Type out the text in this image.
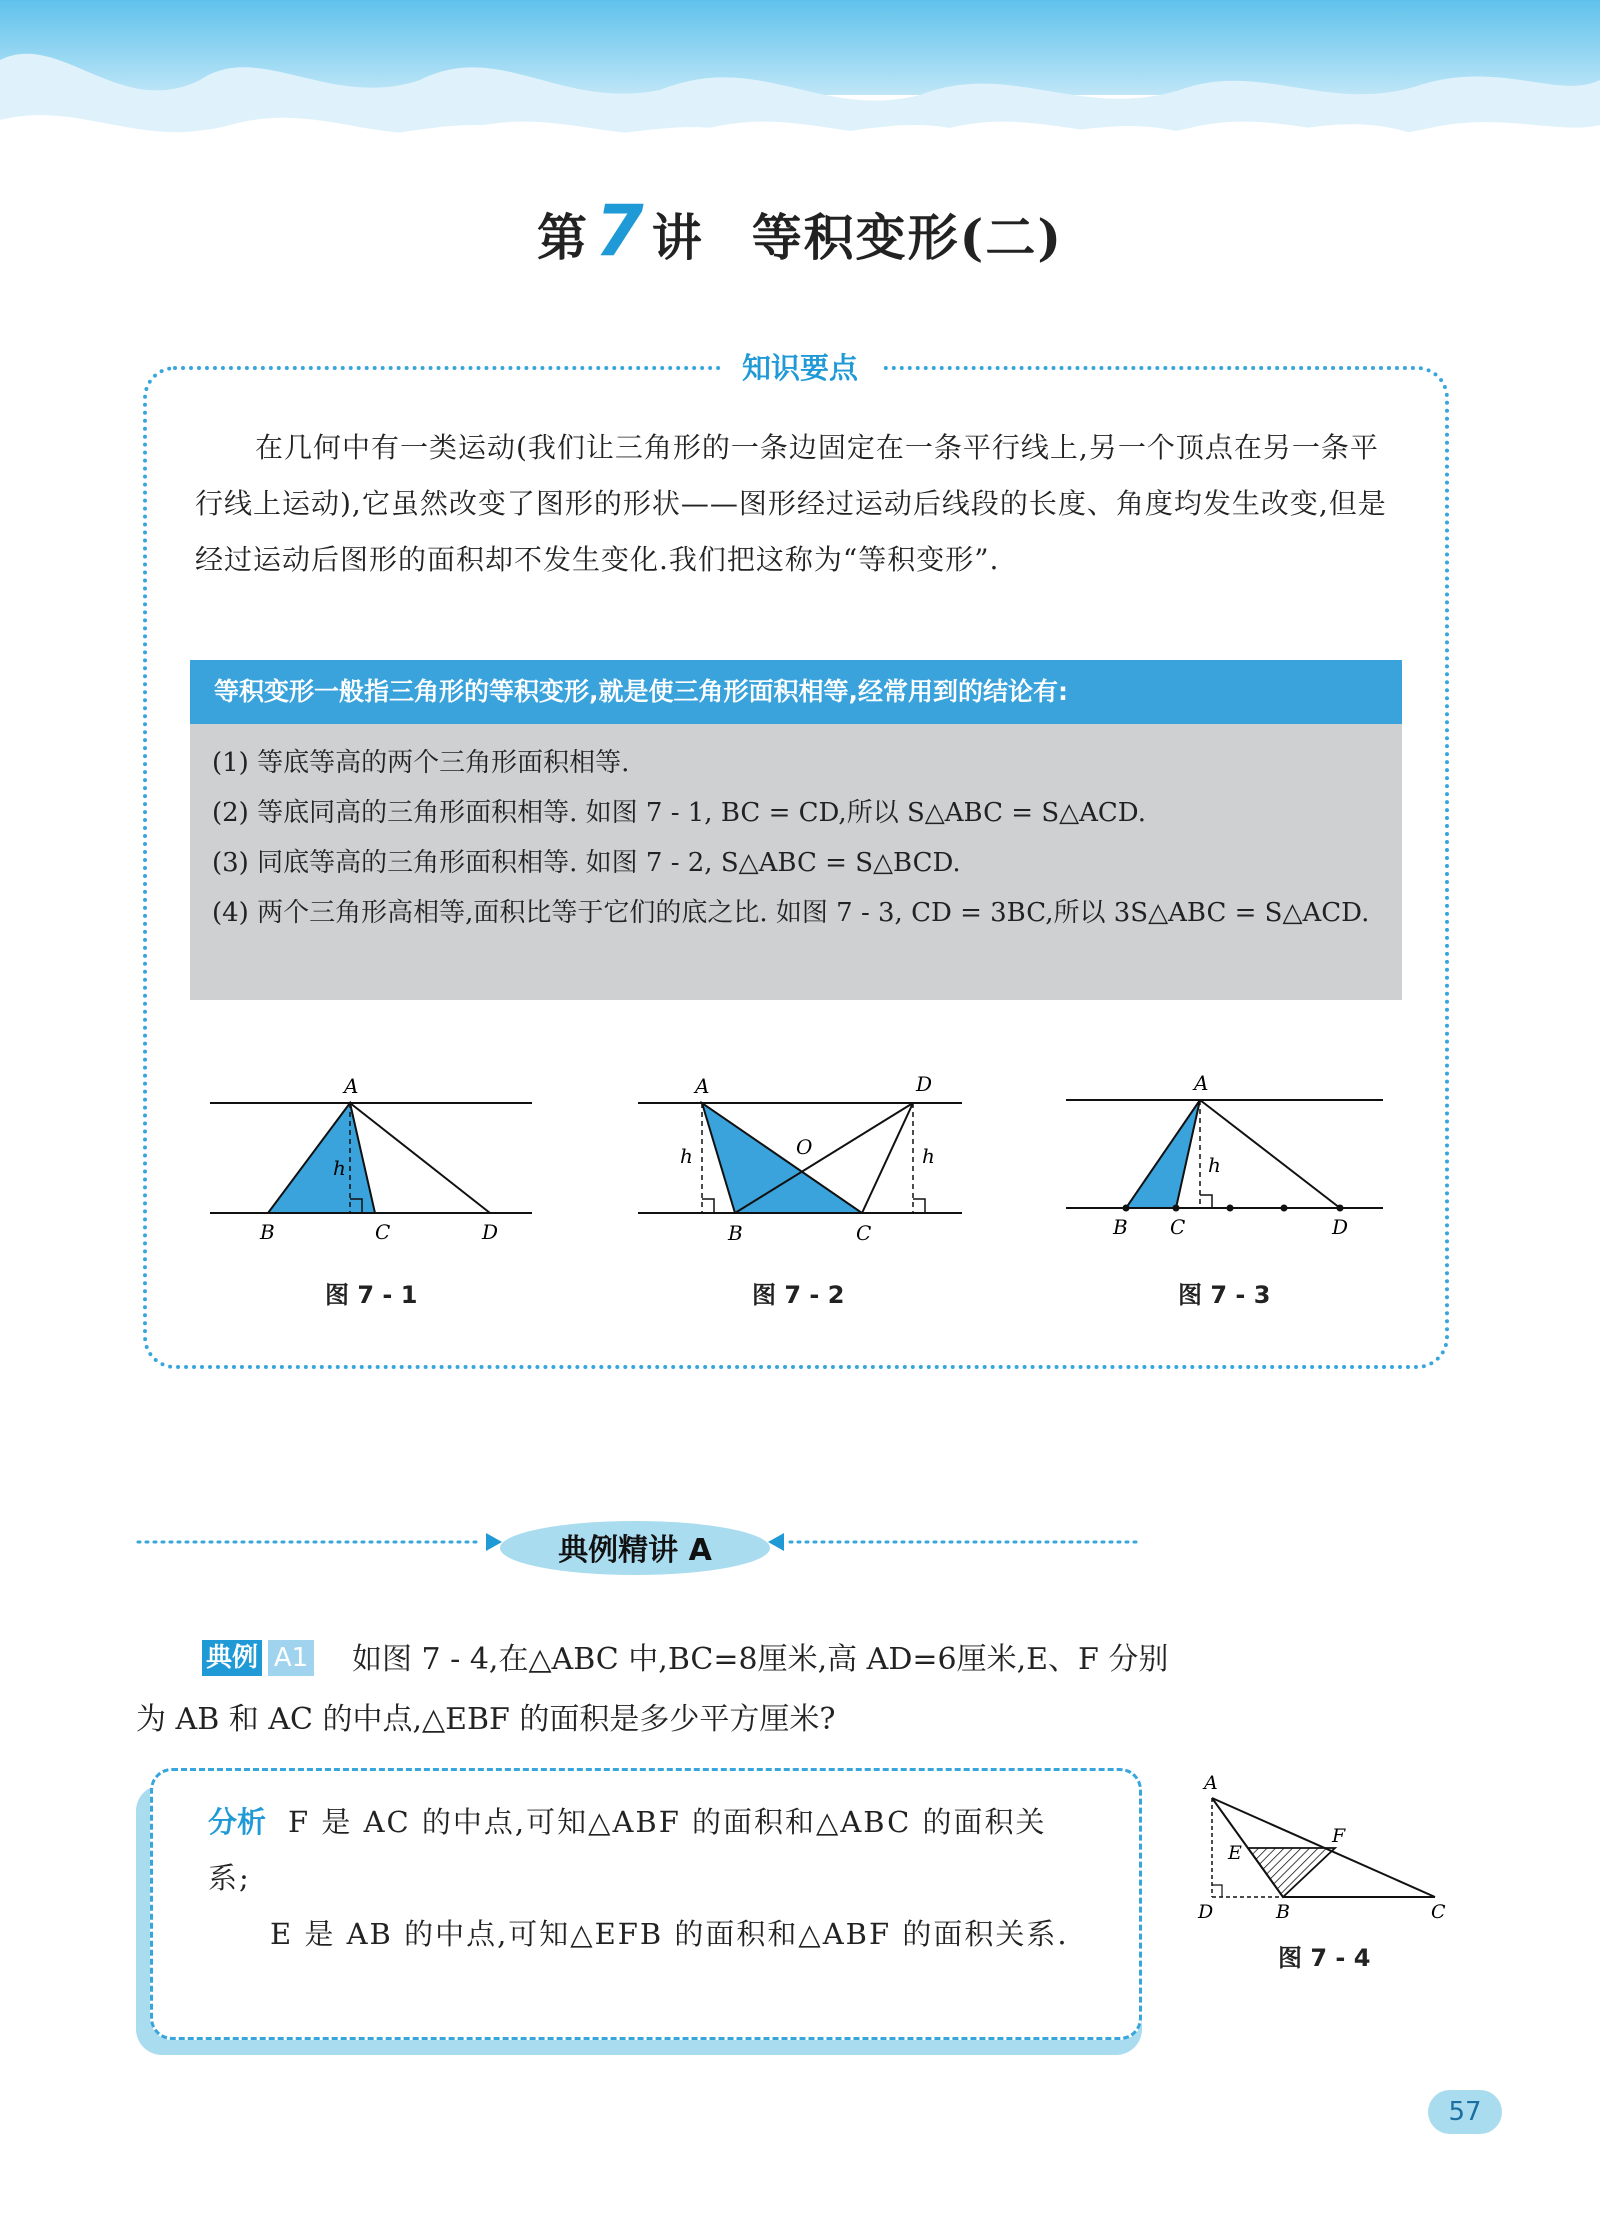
第7 讲 等积变形(二)
知识要点
在几何中有一类运动(我们让三角形的一条边固定在一条平行线上,另一个顶点在另一条平行线上运动),它虽然改变了图形的形状——图形经过运动后线段的长度、角度均发生改变,但是经过运动后图形的面积却不发生变化.我们把这称为“等积变形”.
等积变形一般指三角形的等积变形,就是使三角形面积相等,经常用到的结论有:
(1) 等底等高的两个三角形面积相等.
(2) 等底同高的三角形面积相等. 如图 7 - 1, BC = CD,所以 S△ABC = S△ACD.
(3) 同底等高的三角形面积相等. 如图 7 - 2, S△ABC = S△BCD.
(4) 两个三角形高相等,面积比等于它们的底之比. 如图 7 - 3, CD = 3BC,所以 3S△ABC = S△ACD.
A
B	C	D
h
图 7 - 1
A	D
O
B	C
h	h
图 7 - 2
A
B C	D
h
图 7 - 3
典例精讲 A
如图 7 - 4,在△ABC 中,BC=8厘米,高 AD=6厘米,E、F 分别为 AB 和 AC 的中点,△EBF 的面积是多少平方厘米?
典例 A1
分析 F 是 AC 的中点,可知△ABF 的面积和△ABC 的面积关系;
E 是 AB 的中点,可知△EFB 的面积和△ABF 的面积关系.
A
F
E
D	B	C
图 7 - 4
57
